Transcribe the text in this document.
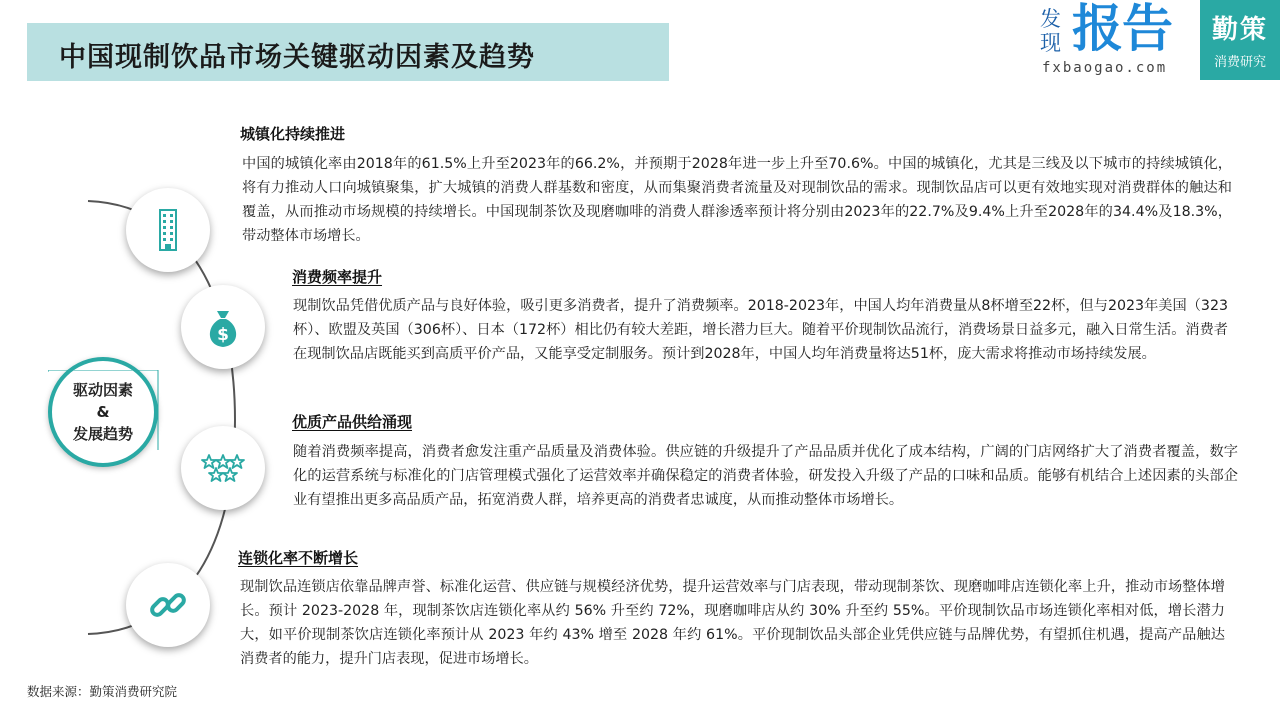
中国现制饮品市场关键驱动因素及趋势
发
现 报告
fxbaogao.com
勤策
消费研究
驱动因素
&
发展趋势
$
城镇化持续推进
中国的城镇化率由2018年的61.5%上升至2023年的66.2%，并预期于2028年进一步上升至70.6%。中国的城镇化，尤其是三线及以下城市的持续城镇化，将有力推动人口向城镇聚集，扩大城镇的消费人群基数和密度，从而集聚消费者流量及对现制饮品的需求。现制饮品店可以更有效地实现对消费群体的触达和覆盖，从而推动市场规模的持续增长。中国现制茶饮及现磨咖啡的消费人群渗透率预计将分别由2023年的22.7%及9.4%上升至2028年的34.4%及18.3%，带动整体市场增长。
消费频率提升
现制饮品凭借优质产品与良好体验，吸引更多消费者，提升了消费频率。2018-2023年，中国人均年消费量从8杯增至22杯，但与2023年美国（323杯）、欧盟及英国（306杯）、日本（172杯）相比仍有较大差距，增长潜力巨大。随着平价现制饮品流行，消费场景日益多元，融入日常生活。消费者在现制饮品店既能买到高质平价产品，又能享受定制服务。预计到2028年，中国人均年消费量将达51杯，庞大需求将推动市场持续发展。
优质产品供给涌现
随着消费频率提高，消费者愈发注重产品质量及消费体验。供应链的升级提升了产品品质并优化了成本结构，广阔的门店网络扩大了消费者覆盖，数字化的运营系统与标准化的门店管理模式强化了运营效率并确保稳定的消费者体验，研发投入升级了产品的口味和品质。能够有机结合上述因素的头部企业有望推出更多高品质产品，拓宽消费人群，培养更高的消费者忠诚度，从而推动整体市场增长。
连锁化率不断增长
现制饮品连锁店依靠品牌声誉、标准化运营、供应链与规模经济优势，提升运营效率与门店表现，带动现制茶饮、现磨咖啡店连锁化率上升，推动市场整体增长。预计 2023-2028 年，现制茶饮店连锁化率从约 56% 升至约 72%，现磨咖啡店从约 30% 升至约 55%。平价现制饮品市场连锁化率相对低，增长潜力大，如平价现制茶饮店连锁化率预计从 2023 年约 43% 增至 2028 年约 61%。平价现制饮品头部企业凭供应链与品牌优势，有望抓住机遇，提高产品触达消费者的能力，提升门店表现，促进市场增长。
数据来源：勤策消费研究院
